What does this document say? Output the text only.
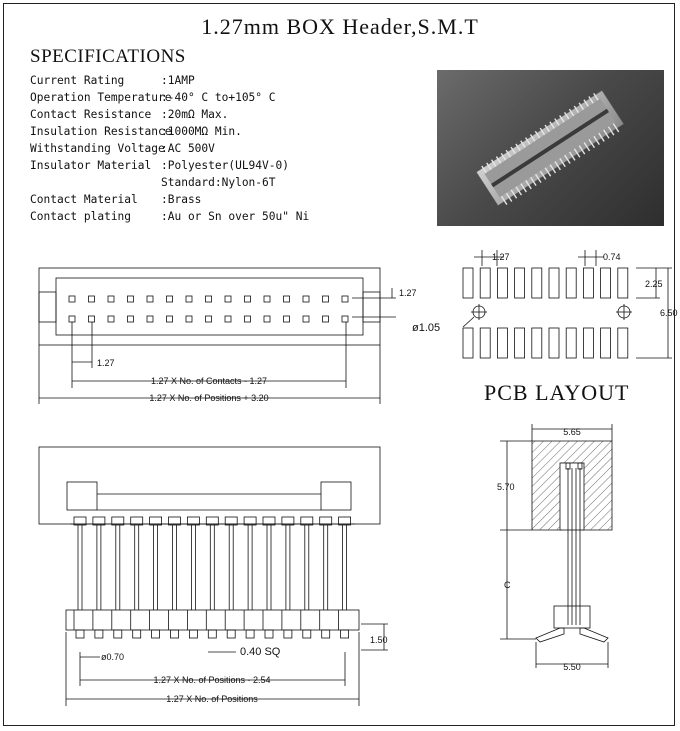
1.27mm BOX Header,S.M.T
SPECIFICATIONS
Current Rating	:1AMP
Operation Temperature
:-40° C to+105° C
Contact Resistance :20mΩ Max.
Insulation Resistance
:1000MΩ Min.
Withstanding Voltage
:AC 500V
Insulator Material :Polyester(UL94V-0)
Standard:Nylon-6T
Contact Material :Brass
Contact plating	:Au or Sn over 50u" Ni
PCB LAYOUT
1.27
1.27
1.27 X No. of Contacts - 1.27
1.27 X No. of Positions + 3.20
1.27	0.74
2.25
6.50
ø1.05
1.50
ø0.70	0.40 SQ
1.27 X No. of Positions - 2.54
1.27 X No. of Positions
5.65
5.70
C
5.50
